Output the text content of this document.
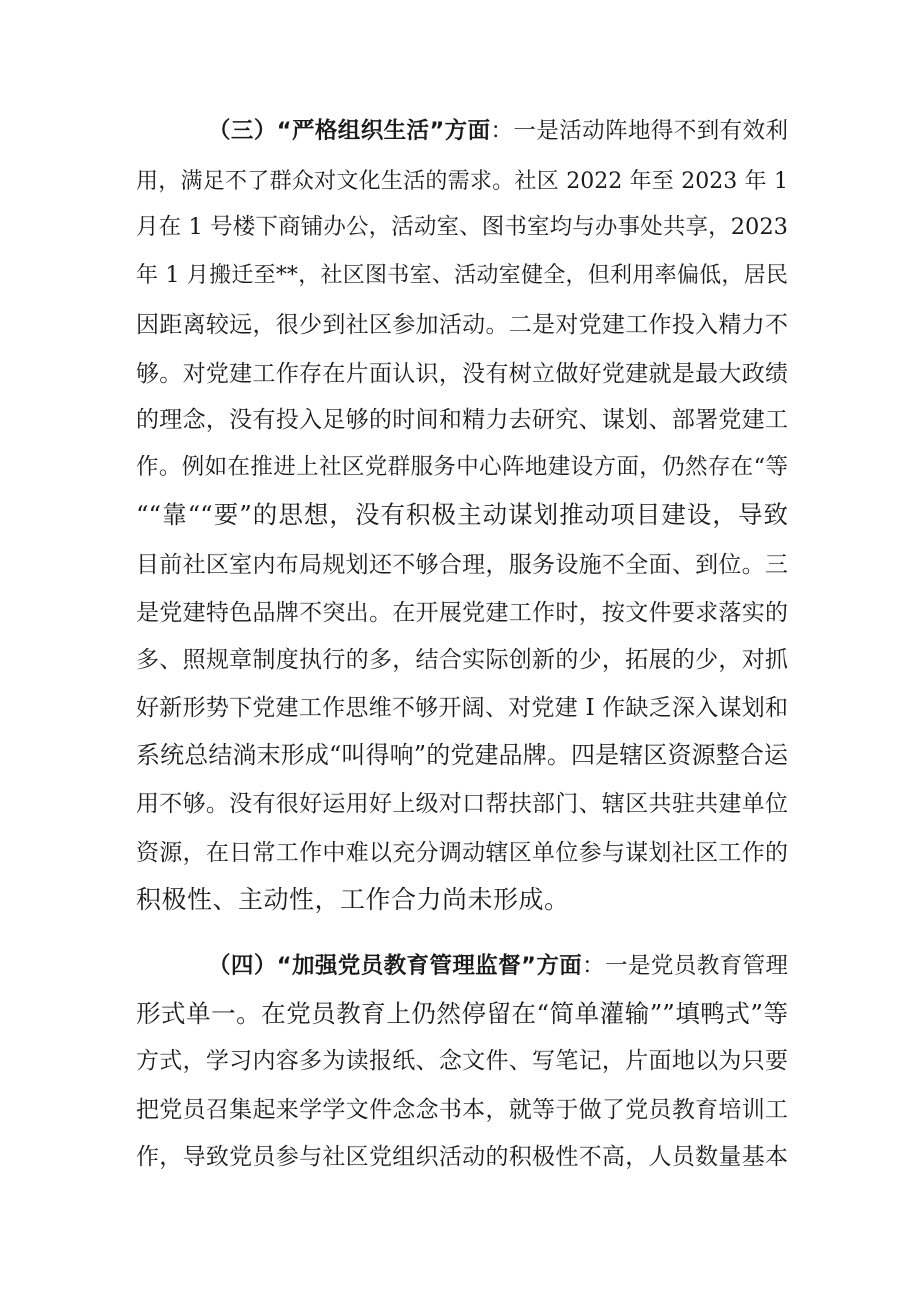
（三）“严格组织生活”方面：一是活动阵地得不到有效利
用，满足不了群众对文化生活的需求。社区 2022 年至 2023 年 1
月在 1 号楼下商铺办公，活动室、图书室均与办事处共享，2023
年 1 月搬迁至**，社区图书室、活动室健全，但利用率偏低，居民
因距离较远，很少到社区参加活动。二是对党建工作投入精力不
够。对党建工作存在片面认识，没有树立做好党建就是最大政绩
的理念，没有投入足够的时间和精力去研究、谋划、部署党建工
作。例如在推进上社区党群服务中心阵地建设方面，仍然存在“等
““靠““要”的思想，没有积极主动谋划推动项目建设，导致
目前社区室内布局规划还不够合理，服务设施不全面、到位。三
是党建特色品牌不突出。在开展党建工作时，按文件要求落实的
多、照规章制度执行的多，结合实际创新的少，拓展的少，对抓
好新形势下党建工作思维不够开阔、对党建 I 作缺乏深入谋划和
系统总结淌末形成“叫得响”的党建品牌。四是辖区资源整合运
用不够。没有很好运用好上级对口帮扶部门、辖区共驻共建单位
资源，在日常工作中难以充分调动辖区单位参与谋划社区工作的
积极性、主动性，工作合力尚未形成。
（四）“加强党员教育管理监督”方面：一是党员教育管理
形式单一。在党员教育上仍然停留在“简单灌输””填鸭式”等
方式，学习内容多为读报纸、念文件、写笔记，片面地以为只要
把党员召集起来学学文件念念书本，就等于做了党员教育培训工
作，导致党员参与社区党组织活动的积极性不高，人员数量基本
